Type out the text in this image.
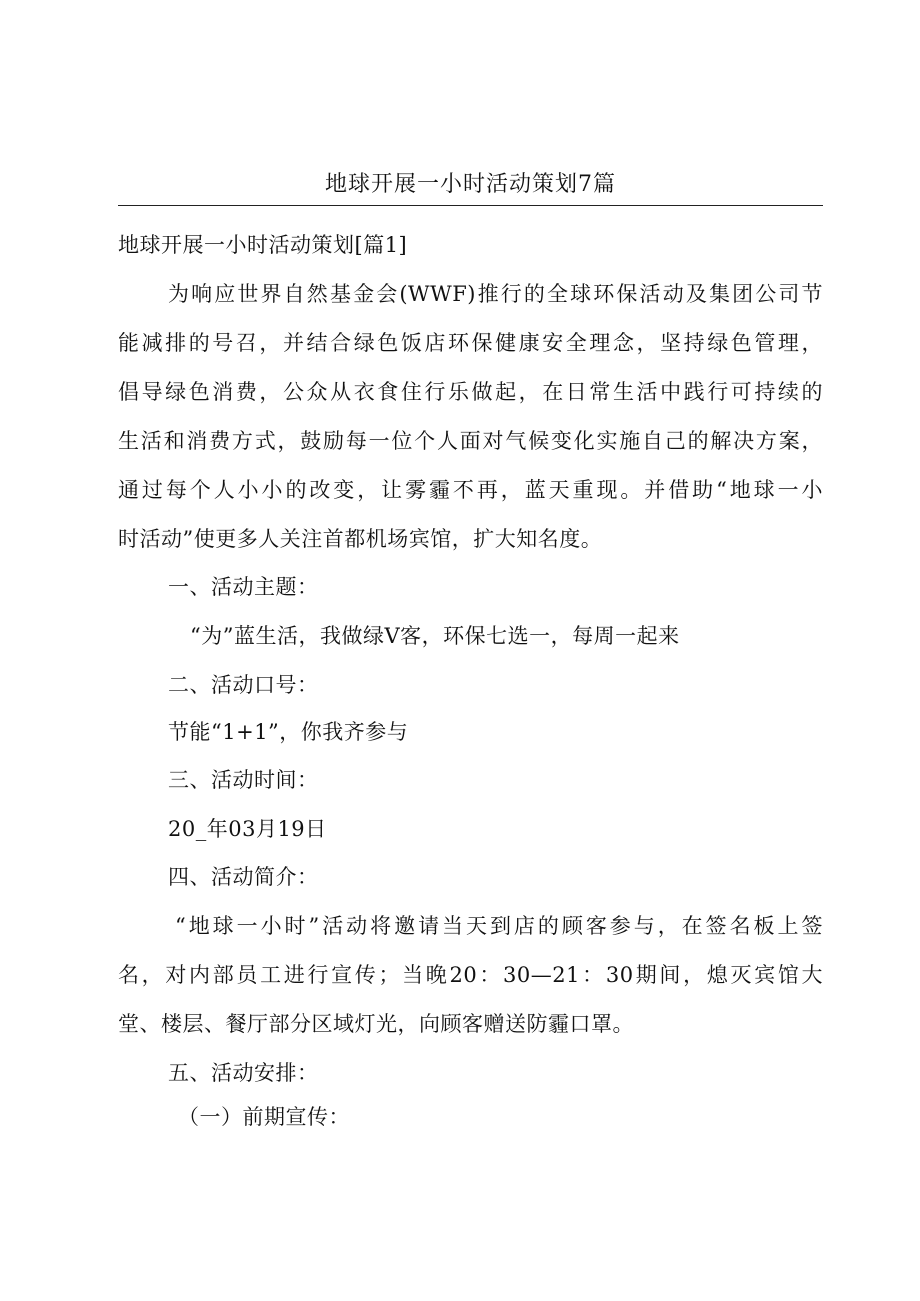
地球开展一小时活动策划7篇
地球开展一小时活动策划[篇1]
为响应世界自然基金会(WWF)推行的全球环保活动及集团公司节
能减排的号召，并结合绿色饭店环保健康安全理念，坚持绿色管理，
倡导绿色消费，公众从衣食住行乐做起，在日常生活中践行可持续的
生活和消费方式，鼓励每一位个人面对气候变化实施自己的解决方案，
通过每个人小小的改变，让雾霾不再，蓝天重现。并借助“地球一小
时活动”使更多人关注首都机场宾馆，扩大知名度。
一、活动主题：
“为”蓝生活，我做绿V客，环保七选一，每周一起来
二、活动口号：
节能“1+1”，你我齐参与
三、活动时间：
20_年03月19日
四、活动简介：
“地球一小时”活动将邀请当天到店的顾客参与，在签名板上签
名，对内部员工进行宣传；当晚20：30—21：30期间，熄灭宾馆大
堂、楼层、餐厅部分区域灯光，向顾客赠送防霾口罩。
五、活动安排：
（一）前期宣传：
